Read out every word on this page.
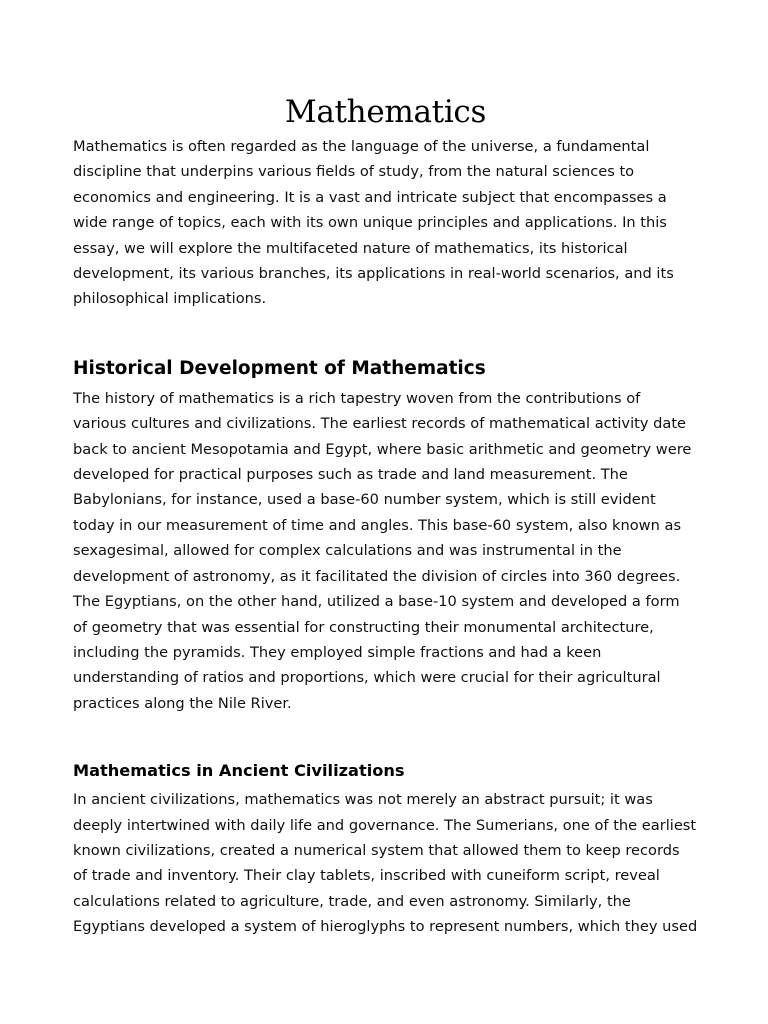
Mathematics

Mathematics is often regarded as the language of the universe, a fundamental discipline that underpins various fields of study, from the natural sciences to economics and engineering. It is a vast and intricate subject that encompasses a wide range of topics, each with its own unique principles and applications. In this essay, we will explore the multifaceted nature of mathematics, its historical development, its various branches, its applications in real-world scenarios, and its philosophical implications.

Historical Development of Mathematics

The history of mathematics is a rich tapestry woven from the contributions of various cultures and civilizations. The earliest records of mathematical activity date back to ancient Mesopotamia and Egypt, where basic arithmetic and geometry were developed for practical purposes such as trade and land measurement. The Babylonians, for instance, used a base-60 number system, which is still evident today in our measurement of time and angles. This base-60 system, also known as sexagesimal, allowed for complex calculations and was instrumental in the development of astronomy, as it facilitated the division of circles into 360 degrees. The Egyptians, on the other hand, utilized a base-10 system and developed a form of geometry that was essential for constructing their monumental architecture, including the pyramids. They employed simple fractions and had a keen understanding of ratios and proportions, which were crucial for their agricultural practices along the Nile River.

Mathematics in Ancient Civilizations

In ancient civilizations, mathematics was not merely an abstract pursuit; it was deeply intertwined with daily life and governance. The Sumerians, one of the earliest known civilizations, created a numerical system that allowed them to keep records of trade and inventory. Their clay tablets, inscribed with cuneiform script, reveal calculations related to agriculture, trade, and even astronomy. Similarly, the Egyptians developed a system of hieroglyphs to represent numbers, which they used
